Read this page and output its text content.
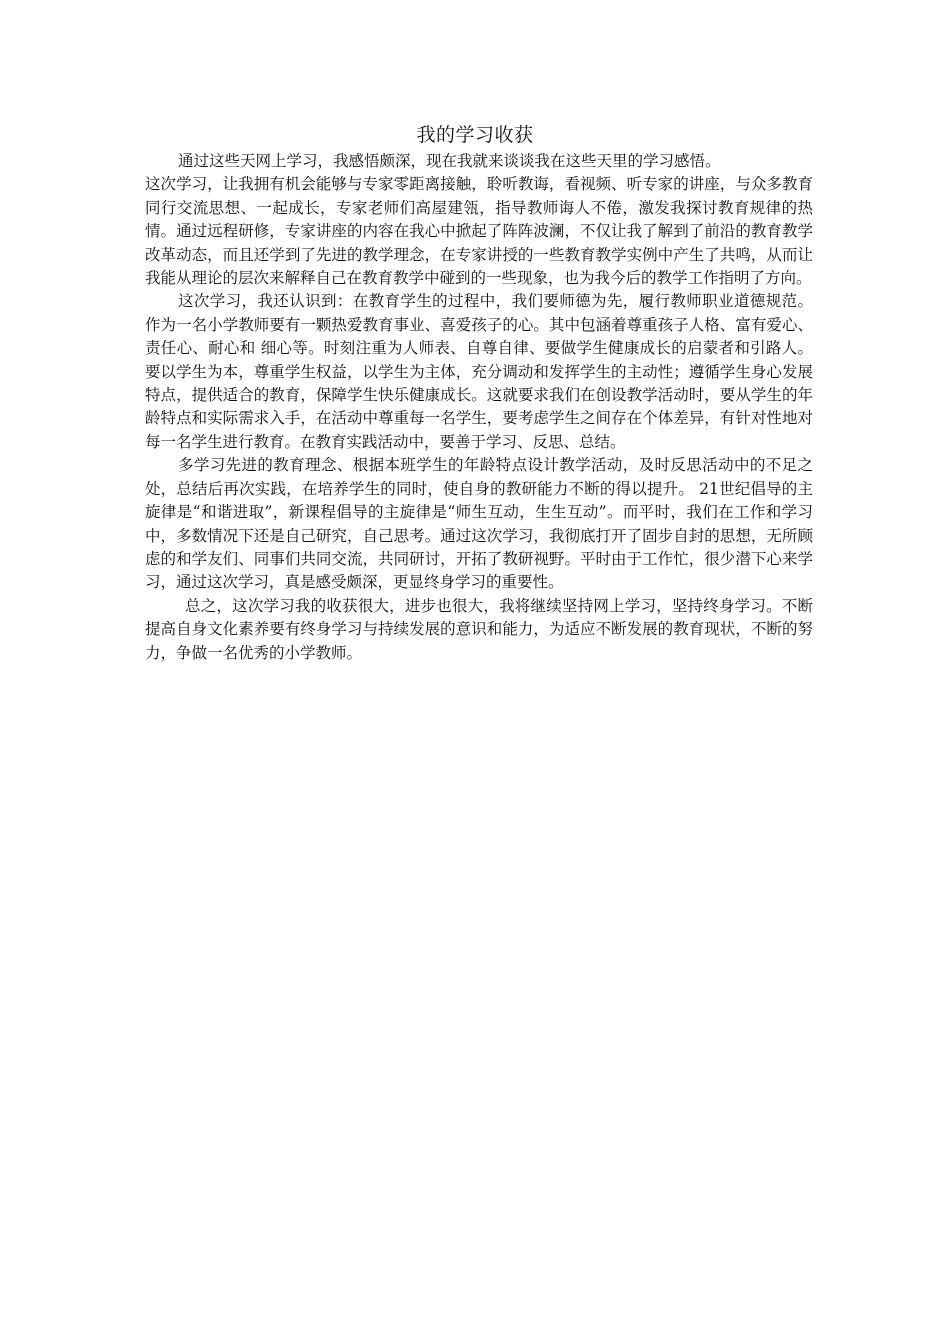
我的学习收获

通过这些天网上学习，我感悟颇深，现在我就来谈谈我在这些天里的学习感悟。

这次学习，让我拥有机会能够与专家零距离接触，聆听教诲，看视频、听专家的讲座，与众多教育同行交流思想、一起成长，专家老师们高屋建瓴，指导教师诲人不倦，激发我探讨教育规律的热情。通过远程研修，专家讲座的内容在我心中掀起了阵阵波澜，不仅让我了解到了前沿的教育教学改革动态，而且还学到了先进的教学理念，在专家讲授的一些教育教学实例中产生了共鸣，从而让我能从理论的层次来解释自己在教育教学中碰到的一些现象，也为我今后的教学工作指明了方向。

这次学习，我还认识到：在教育学生的过程中，我们要师德为先，履行教师职业道德规范。作为一名小学教师要有一颗热爱教育事业、喜爱孩子的心。其中包涵着尊重孩子人格、富有爱心、责任心、耐心和 细心等。时刻注重为人师表、自尊自律、要做学生健康成长的启蒙者和引路人。要以学生为本，尊重学生权益，以学生为主体，充分调动和发挥学生的主动性；遵循学生身心发展特点，提供适合的教育，保障学生快乐健康成长。这就要求我们在创设教学活动时，要从学生的年龄特点和实际需求入手，在活动中尊重每一名学生，要考虑学生之间存在个体差异，有针对性地对每一名学生进行教育。在教育实践活动中，要善于学习、反思、总结。

多学习先进的教育理念、根据本班学生的年龄特点设计教学活动，及时反思活动中的不足之处，总结后再次实践，在培养学生的同时，使自身的教研能力不断的得以提升。 21世纪倡导的主旋律是“和谐进取”，新课程倡导的主旋律是“师生互动，生生互动”。而平时，我们在工作和学习中，多数情况下还是自己研究，自己思考。通过这次学习，我彻底打开了固步自封的思想，无所顾虑的和学友们、同事们共同交流，共同研讨，开拓了教研视野。平时由于工作忙，很少潜下心来学习，通过这次学习，真是感受颇深，更显终身学习的重要性。

总之，这次学习我的收获很大，进步也很大，我将继续坚持网上学习，坚持终身学习。不断提高自身文化素养要有终身学习与持续发展的意识和能力，为适应不断发展的教育现状，不断的努力，争做一名优秀的小学教师。
